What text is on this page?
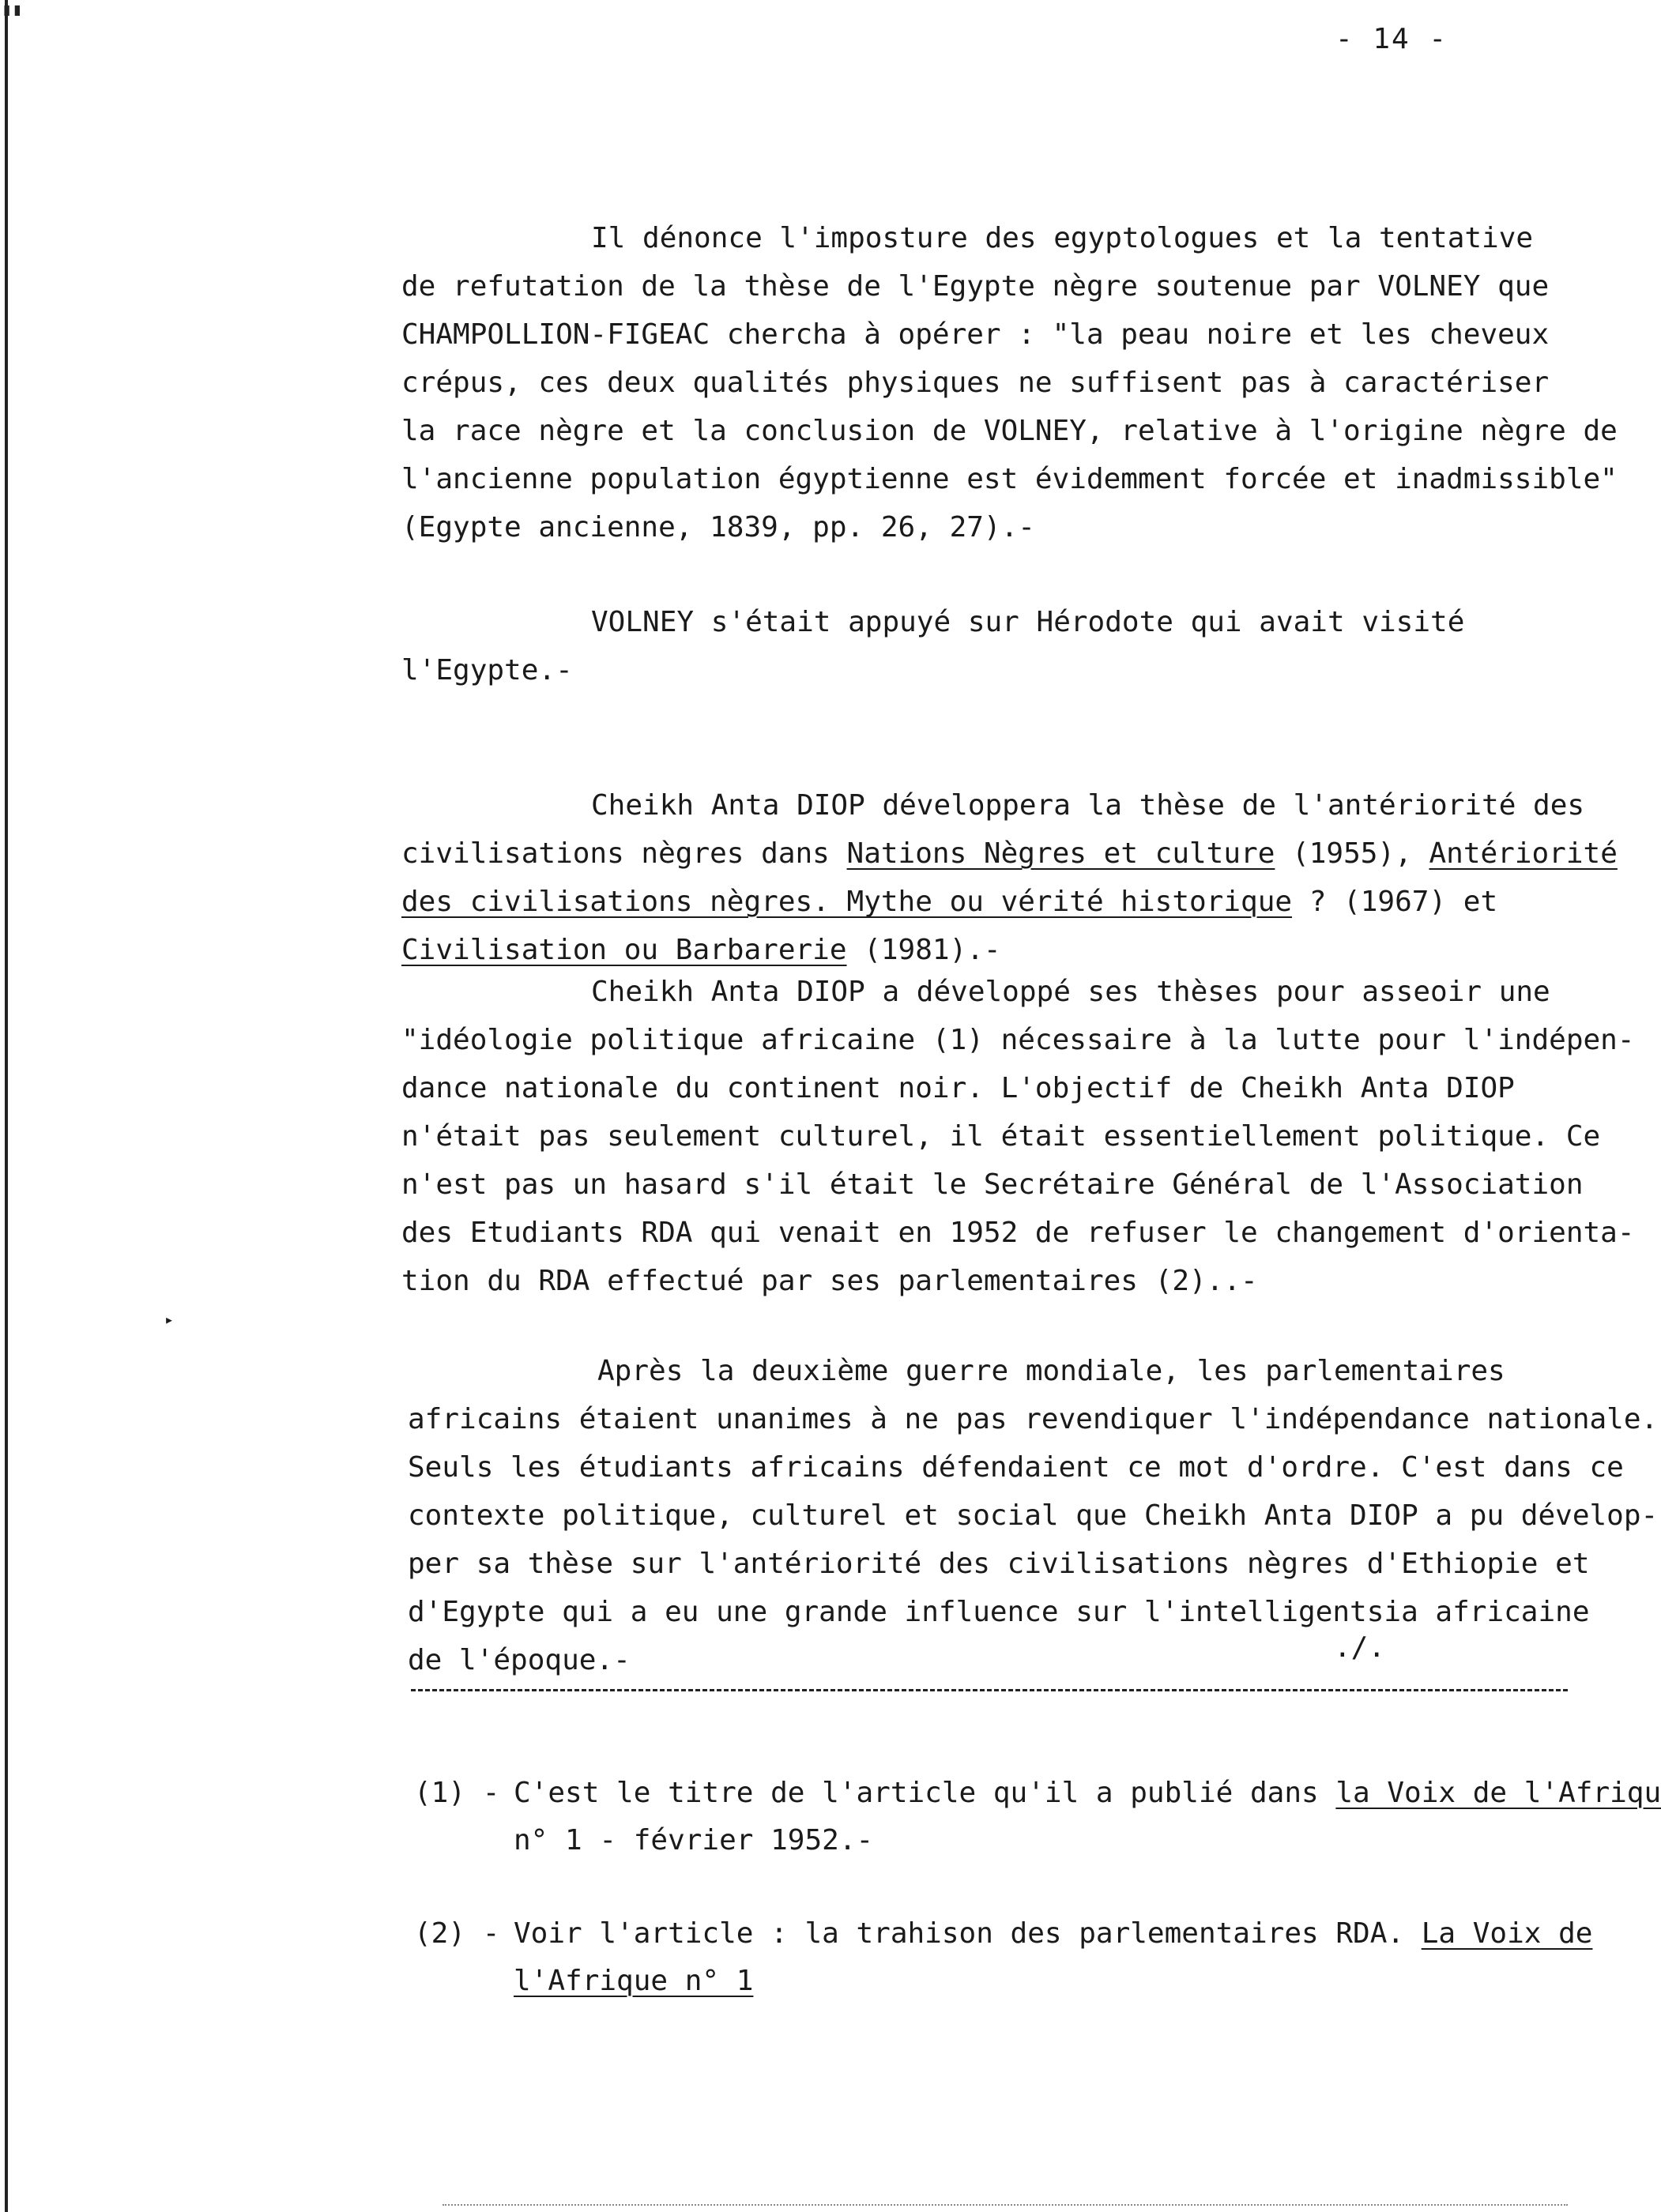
▮▮
- 14 -
▸

Il dénonce l'imposture des egyptologues et la tentative
de refutation de la thèse de l'Egypte nègre soutenue par VOLNEY que
CHAMPOLLION-FIGEAC chercha à opérer : "la peau noire et les cheveux
crépus, ces deux qualités physiques ne suffisent pas à caractériser
la race nègre et la conclusion de VOLNEY, relative à l'origine nègre de
l'ancienne population égyptienne est évidemment forcée et inadmissible"
(Egypte ancienne, 1839, pp. 26, 27).-

VOLNEY s'était appuyé sur Hérodote qui avait visité
l'Egypte.-

Cheikh Anta DIOP développera la thèse de l'antériorité des
civilisations nègres dans Nations Nègres et culture (1955), Antériorité
des civilisations nègres. Mythe ou vérité historique ? (1967) et
Civilisation ou Barbarerie (1981).-

Cheikh Anta DIOP a développé ses thèses pour asseoir une
"idéologie politique africaine (1) nécessaire à la lutte pour l'indépen-
dance nationale du continent noir. L'objectif de Cheikh Anta DIOP
n'était pas seulement culturel, il était essentiellement politique. Ce
n'est pas un hasard s'il était le Secrétaire Général de l'Association
des Etudiants RDA qui venait en 1952 de refuser le changement d'orienta-
tion du RDA effectué par ses parlementaires (2)..-

Après la deuxième guerre mondiale, les parlementaires
africains étaient unanimes à ne pas revendiquer l'indépendance nationale.
Seuls les étudiants africains défendaient ce mot d'ordre. C'est dans ce
contexte politique, culturel et social que Cheikh Anta DIOP a pu dévelop-
per sa thèse sur l'antériorité des civilisations nègres d'Ethiopie et
d'Egypte qui a eu une grande influence sur l'intelligentsia africaine
de l'époque.-	./.

(1) - C'est le titre de l'article qu'il a publié dans la Voix de l'Afriqu
n° 1 - février 1952.-

(2) - Voir l'article : la trahison des parlementaires RDA. La Voix de
l'Afrique n° 1
